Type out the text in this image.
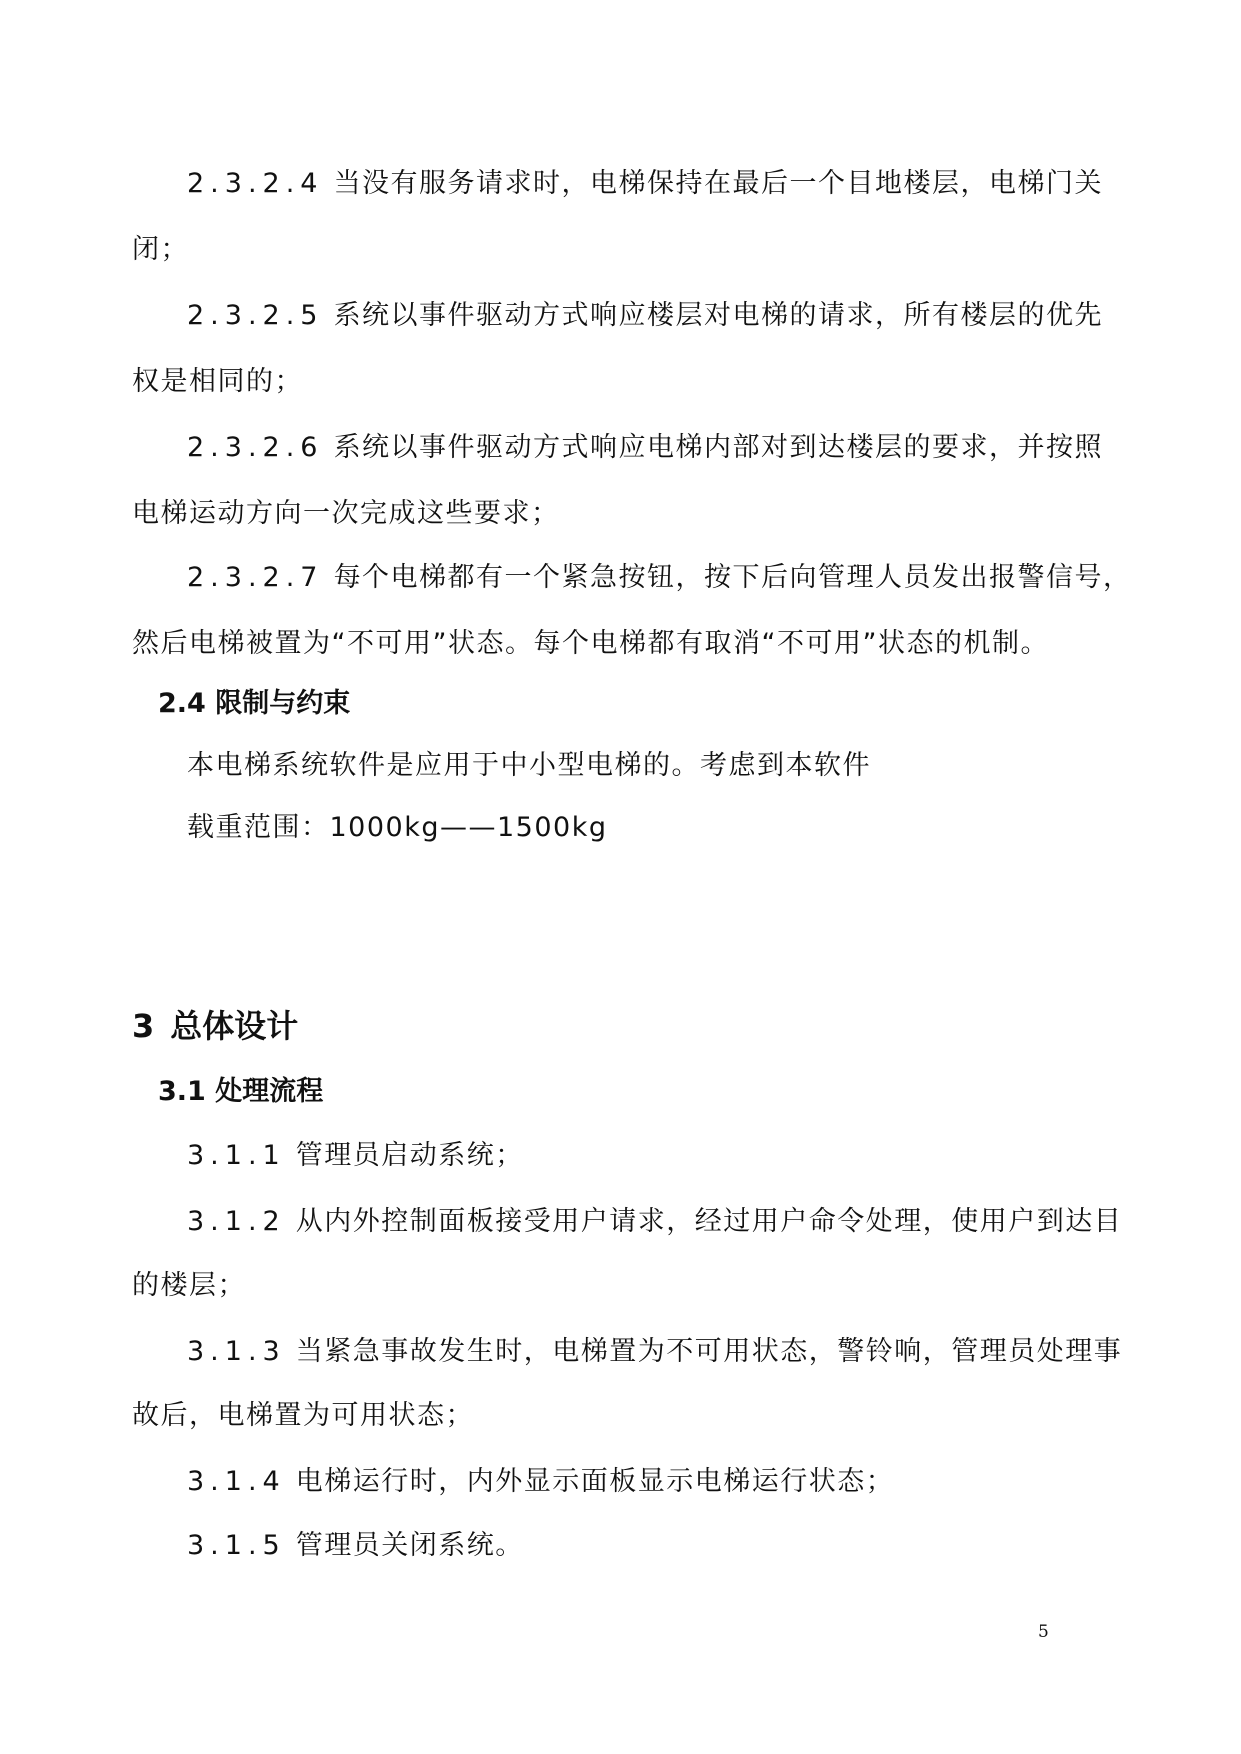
2.3.2.4 当没有服务请求时，电梯保持在最后一个目地楼层，电梯门关
闭；
2.3.2.5 系统以事件驱动方式响应楼层对电梯的请求，所有楼层的优先
权是相同的；
2.3.2.6 系统以事件驱动方式响应电梯内部对到达楼层的要求，并按照
电梯运动方向一次完成这些要求；
2.3.2.7 每个电梯都有一个紧急按钮，按下后向管理人员发出报警信号，
然后电梯被置为“不可用”状态。每个电梯都有取消“不可用”状态的机制。
2.4 限制与约束
本电梯系统软件是应用于中小型电梯的。考虑到本软件
载重范围：1000kg——1500kg
3 总体设计
3.1 处理流程
3.1.1 管理员启动系统；
3.1.2 从内外控制面板接受用户请求，经过用户命令处理，使用户到达目
的楼层；
3.1.3 当紧急事故发生时，电梯置为不可用状态，警铃响，管理员处理事
故后，电梯置为可用状态；
3.1.4 电梯运行时，内外显示面板显示电梯运行状态；
3.1.5 管理员关闭系统。
5
